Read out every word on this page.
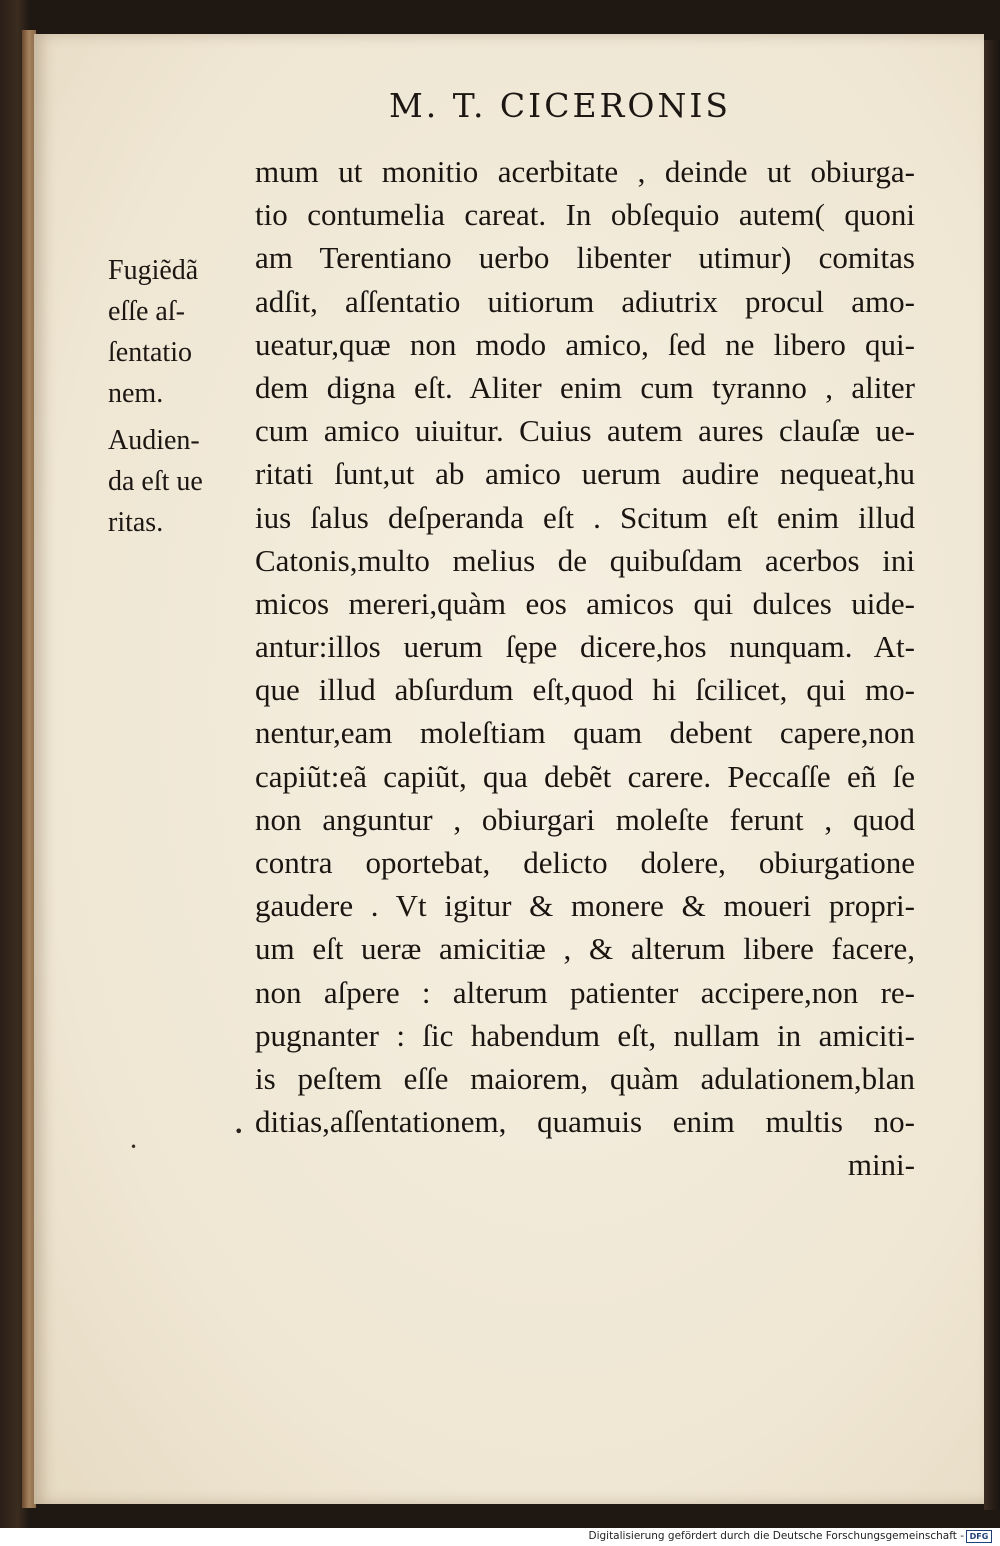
M. T. CICERONIS
Fugiẽdã
eſſe aſ-
ſentatio
nem.
Audien-
da eſt ue
ritas.
mum ut monitio acerbitate , deinde ut obiurga-
tio contumelia careat. In obſequio autem( quoni
am Terentiano uerbo libenter utimur) comitas
adſit, aſſentatio uitiorum adiutrix procul amo-
ueatur,quæ non modo amico, ſed ne libero qui-
dem digna eſt. Aliter enim cum tyranno , aliter
cum amico uiuitur. Cuius autem aures clauſæ ue-
ritati ſunt,ut ab amico uerum audire nequeat,hu
ius ſalus deſperanda eſt . Scitum eſt enim illud
Catonis,multo melius de quibuſdam acerbos ini
micos mereri,quàm eos amicos qui dulces uide-
antur:illos uerum ſępe dicere,hos nunquam. At-
que illud abſurdum eſt,quod hi ſcilicet, qui mo-
nentur,eam moleſtiam quam debent capere,non
capiũt:eã capiũt, qua debẽt carere. Peccaſſe eñ ſe
non anguntur , obiurgari moleſte ferunt , quod
contra oportebat, delicto dolere, obiurgatione
gaudere . Vt igitur & monere & moueri propri-
um eſt ueræ amicitiæ , & alterum libere facere,
non aſpere : alterum patienter accipere,non re-
pugnanter : ſic habendum eſt, nullam in amiciti-
is peſtem eſſe maiorem, quàm adulationem,blan
ditias,aſſentationem, quamuis enim multis no-
mini-
•
•
Digitalisierung gefördert durch die Deutsche Forschungsgemeinschaft - DFG
